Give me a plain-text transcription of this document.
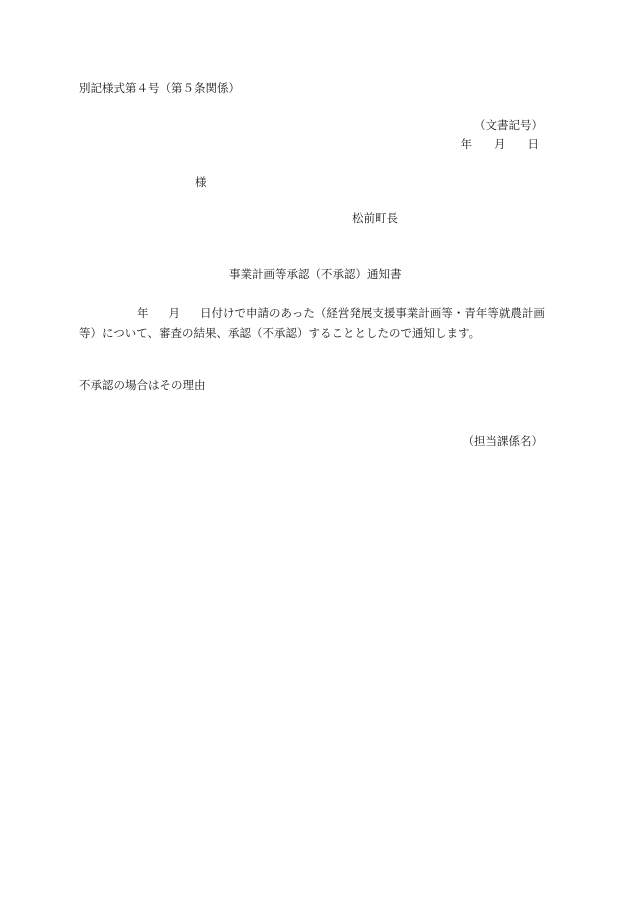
別記様式第４号（第５条関係）
（文書記号）
年 月 日
様
松前町長
事業計画等承認（不承認）通知書
年 月 日付けで申請のあった（経営発展支援事業計画等・青年等就農計画等）について、審査の結果、承認（不承認）することとしたので通知します。
不承認の場合はその理由
（担当課係名）
